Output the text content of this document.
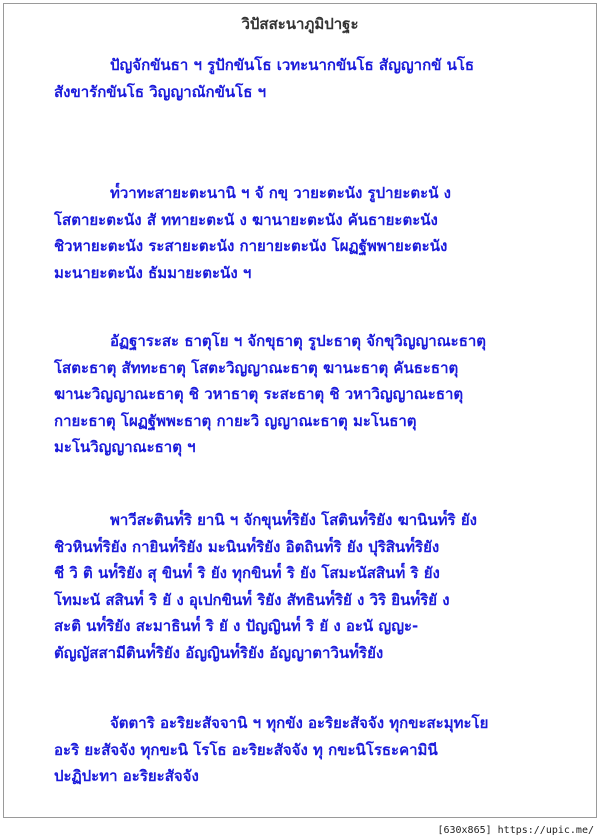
วิปัสสะนาภูมิปาฐะ
ปัญจักขันธา ฯ รูปักขันโธ เวทะนากขันโธ สัญญากขั นโธ
สังขารักขันโธ วิญญาณักขันโธ ฯ
ท๎วาทะสายะตะนานิ ฯ จั กขฺ วายะตะนัง รูปายะตะนั ง
โสตายะตะนัง สั ททายะตะนั ง ฆานายะตะนัง คันธายะตะนัง
ชิวหายะตะนัง ระสายะตะนัง กายายะตะนัง โผฏฐัพพายะตะนัง
มะนายะตะนัง ธัมมายะตะนัง ฯ
อัฏฐาระสะ ธาตุโย ฯ จักขุธาตุ รูปะธาตุ จักขุวิญญาณะธาตุ
โสตะธาตุ สัททะธาตุ โสตะวิญญาณะธาตุ ฆานะธาตุ คันธะธาตุ
ฆานะวิญญาณะธาตุ ชิ วหาธาตุ ระสะธาตุ ชิ วหาวิญญาณะธาตุ
กายะธาตุ โผฏฐัพพะธาตุ กายะวิ ญญาณะธาตุ มะโนธาตุ
มะโนวิญญาณะธาตุ ฯ
พาวีสะตินท๎ริ ยานิ ฯ จักขุนท๎ริยัง โสตินท๎ริยัง ฆานินท๎ริ ยัง
ชิวหินท๎ริยัง กายินท๎ริยัง มะนินท๎ริยัง อิตถินท๎ริ ยัง ปุริสินท๎ริยัง
ชี วิ ติ นท๎ริยัง สุ ขินท๎ ริ ยัง ทุกขินท๎ ริ ยัง โสมะนัสสินท๎ ริ ยัง
โทมะนั สสินท๎ ริ ยั ง อุเปกขินท๎ ริยัง สัทธินท๎ริยั ง วิริ ยินท๎ริยั ง
สะติ นท๎ริยัง สะมาธินท๎ ริ ยั ง ปัญญินท๎ ริ ยั ง อะนั ญญะ-
ตัญญัสสามีตินท๎ริยัง อัญญินท๎ริยัง อัญญาตาวินท๎ริยัง
จัตตาริ อะริยะสัจจานิ ฯ ทุกขัง อะริยะสัจจัง ทุกขะสะมุทะโย
อะริ ยะสัจจัง ทุกขะนิ โรโธ อะริยะสัจจัง ทุ กขะนิโรธะคามินี
ปะฏิปะทา อะริยะสัจจัง
[630x865] https://upic.me/
